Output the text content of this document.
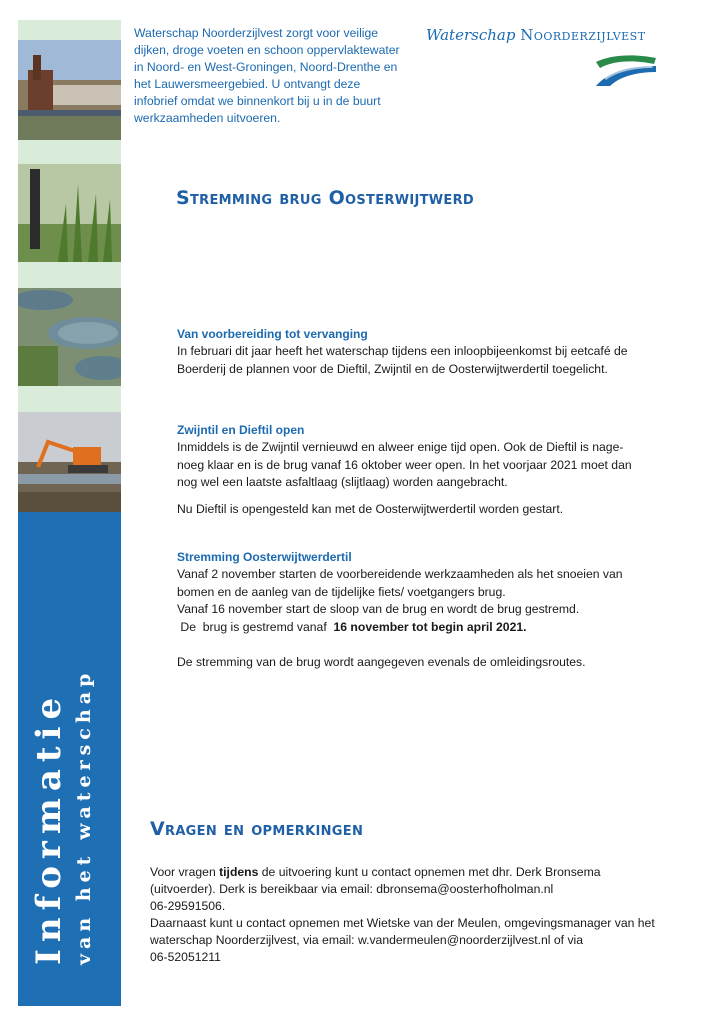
Informatie van het waterschap
Waterschap Noorderzijlvest zorgt voor veilige
dijken, droge voeten en schoon oppervlaktewater
in Noord- en West-Groningen, Noord-Drenthe en
het Lauwersmeergebied. U ontvangt deze
infobrief omdat we binnenkort bij u in de buurt
werkzaamheden uitvoeren.
Waterschap Noorderzijlvest
Stremming brug Oosterwijtwerd
Van voorbereiding tot vervanging

In februari dit jaar heeft het waterschap tijdens een inloopbijeenkomst bij eetcafé de

Boerderij de plannen voor de Dieftil, Zwijntil en de Oosterwijtwerdertil toegelicht.

Zwijntil en Dieftil open

Inmiddels is de Zwijntil vernieuwd en alweer enige tijd open. Ook de Dieftil is nage-

noeg klaar en is de brug vanaf 16 oktober weer open. In het voorjaar 2021 moet dan

nog wel een laatste asfaltlaag (slijtlaag) worden aangebracht.

Nu Dieftil is opengesteld kan met de Oosterwijtwerdertil worden gestart.

Stremming Oosterwijtwerdertil

Vanaf 2 november starten de voorbereidende werkzaamheden als het snoeien van

bomen en de aanleg van de tijdelijke fiets/ voetgangers brug.

Vanaf 16 november start de sloop van de brug en wordt de brug gestremd.

De  brug is gestremd vanaf  16 november tot begin april 2021.

De stremming van de brug wordt aangegeven evenals de omleidingsroutes.

Vragen en opmerkingen

Voor vragen tijdens de uitvoering kunt u contact opnemen met dhr. Derk Bronsema

(uitvoerder). Derk is bereikbaar via email: dbronsema@oosterhofholman.nl

06-29591506.

Daarnaast kunt u contact opnemen met Wietske van der Meulen, omgevingsmanager van het

waterschap Noorderzijlvest, via email: w.vandermeulen@noorderzijlvest.nl of via

06-52051211
